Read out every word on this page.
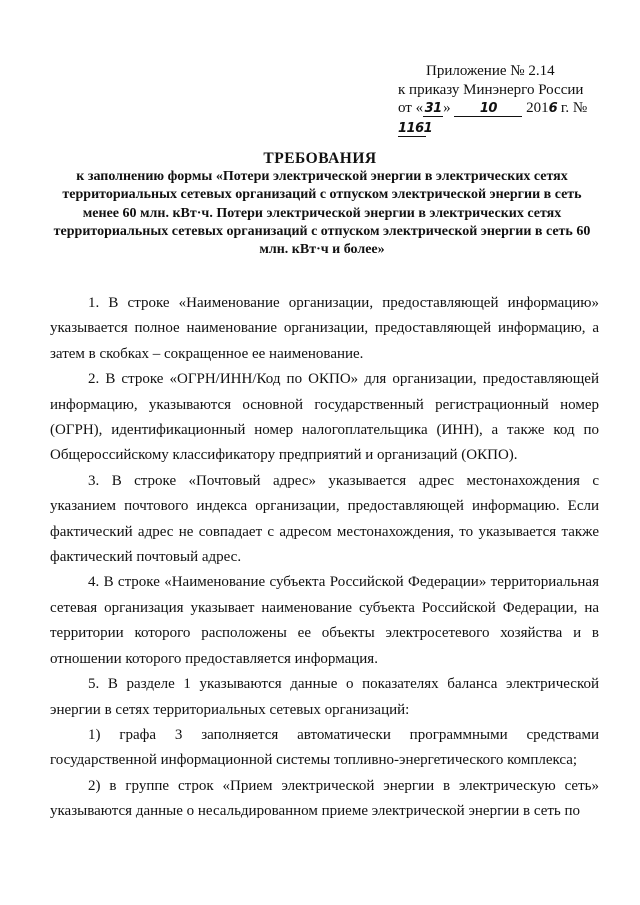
Приложение № 2.14
к приказу Минэнерго России
от «31» 10 2016 г. №1161
ТРЕБОВАНИЯ
к заполнению формы «Потери электрической энергии в электрических сетях территориальных сетевых организаций с отпуском электрической энергии в сеть менее 60 млн. кВт·ч. Потери электрической энергии в электрических сетях территориальных сетевых организаций с отпуском электрической энергии в сеть 60 млн. кВт·ч и более»

1. В строке «Наименование организации, предоставляющей информацию» указывается полное наименование организации, предоставляющей информацию, а затем в скобках – сокращенное ее наименование.

2. В строке «ОГРН/ИНН/Код по ОКПО» для организации, предоставляющей информацию, указываются основной государственный регистрационный номер (ОГРН), идентификационный номер налогоплательщика (ИНН), а также код по Общероссийскому классификатору предприятий и организаций (ОКПО).

3. В строке «Почтовый адрес» указывается адрес местонахождения с указанием почтового индекса организации, предоставляющей информацию. Если фактический адрес не совпадает с адресом местонахождения, то указывается также фактический почтовый адрес.

4. В строке «Наименование субъекта Российской Федерации» территориальная сетевая организация указывает наименование субъекта Российской Федерации, на территории которого расположены ее объекты электросетевого хозяйства и в отношении которого предоставляется информация.

5. В разделе 1 указываются данные о показателях баланса электрической энергии в сетях территориальных сетевых организаций:

1) графа 3 заполняется автоматически программными средствами государственной информационной системы топливно-энергетического комплекса;

2) в группе строк «Прием электрической энергии в электрическую сеть» указываются данные о несальдированном приеме электрической энергии в сеть по
